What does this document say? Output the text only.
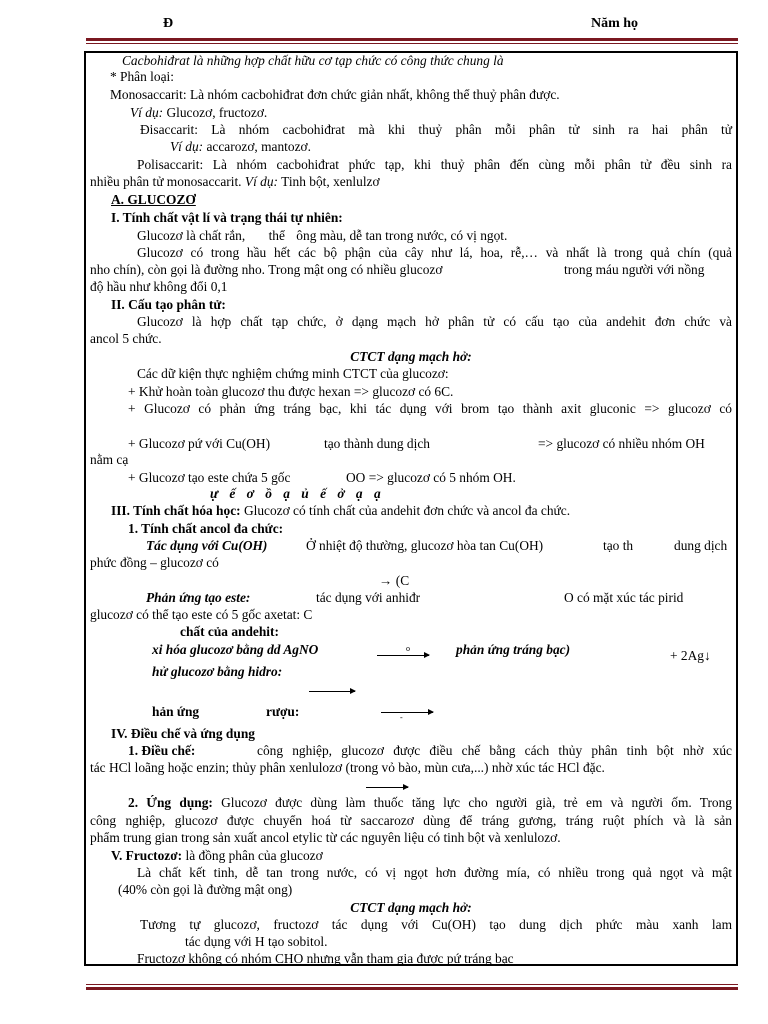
Đ	Năm họ
Cacbohiđrat là những hợp chất hữu cơ tạp chức có công thức chung là
* Phân loại:
Monosaccarit: Là nhóm cacbohiđrat đơn chức giản nhất, không thể thuỷ phân được.
Ví dụ: Glucozơ, fructozơ.
Đisaccarit: Là nhóm cacbohiđrat mà khi thuỷ phân mỗi phân tử sinh ra hai phân tử
Ví dụ: accarozơ, mantozơ.
Polisaccarit: Là nhóm cacbohiđrat phức tạp, khi thuỷ phân đến cùng mỗi phân tử đều sinh ra
nhiều phân tử monosaccarit. Ví dụ: Tinh bột, xenlulzơ
A. GLUCOZƠ
I. Tính chất vật lí và trạng thái tự nhiên:
Glucozơ là chất rắn, thể ông màu, dễ tan trong nước, có vị ngọt.
Glucozơ có trong hầu hết các bộ phận của cây như lá, hoa, rễ,… và nhất là trong quả chín (quả
nho chín), còn gọi là đường nho. Trong mật ong có nhiều glucozơ	trong máu người với nồng
độ hầu như không đổi 0,1
II. Cấu tạo phân tử:
Glucozơ là hợp chất tạp chức, ở dạng mạch hở phân tử có cấu tạo của andehit đơn chức và
ancol 5 chức.
CTCT dạng mạch hở:
Các dữ kiện thực nghiệm chứng minh CTCT của glucozơ:
+ Khử hoàn toàn glucozơ thu được hexan => glucozơ có 6C.
+ Glucozơ có phản ứng tráng bạc, khi tác dụng với brom tạo thành axit gluconic => glucozơ có
+ Glucozơ pứ với Cu(OH)	tạo thành dung dịch	=> glucozơ có nhiều nhóm OH
nằm cạ
+ Glucozơ tạo este chứa 5 gốc	OO => glucozơ có 5 nhóm OH.
ự ế ơ ồ ạ ủ ế ở ạ ạ
III. Tính chất hóa học: Glucozơ có tính chất của andehit đơn chức và ancol đa chức.
1. Tính chất ancol đa chức:
Tác dụng với Cu(OH)	Ở nhiệt độ thường, glucozơ hòa tan Cu(OH)	tạo th	dung dịch
phức đồng – glucozơ có
→ (C
Phản ứng tạo este:	tác dụng với anhiđr	O có mặt xúc tác pirid
glucozơ có thể tạo este có 5 gốc axetat: C
chất của andehit:
xi hóa glucozơ bằng dd AgNO	phản ứng tráng bạc)
o	+ 2Ag↓
hử glucozơ bằng hidro:
hản ứng	rượu:	-
IV. Điều chế và ứng dụng
1. Điều chế:	công nghiệp, glucozơ được điều chế bằng cách thủy phân tinh bột nhờ xúc
tác HCl loãng hoặc enzin; thủy phân xenlulozơ (trong vỏ bào, mùn cưa,...) nhờ xúc tác HCl đặc.
2. Ứng dụng: Glucozơ được dùng làm thuốc tăng lực cho người già, trẻ em và người ốm. Trong
công nghiệp, glucozơ được chuyển hoá từ saccarozơ dùng để tráng gương, tráng ruột phích và là sản
phẩm trung gian trong sản xuất ancol etylic từ các nguyên liệu có tinh bột và xenlulozơ.
V. Fructozơ: là đồng phân của glucozơ
Là chất kết tinh, dễ tan trong nước, có vị ngọt hơn đường mía, có nhiều trong quả ngọt và mật
(40% còn gọi là đường mật ong)
CTCT dạng mạch hở:
Tương tự glucozơ, fructozơ tác dụng với Cu(OH) tạo dung dịch phức màu xanh lam
tác dụng với H tạo sobitol.
Fructozơ không có nhóm CHO nhưng vẫn tham gia được pứ tráng bạc
